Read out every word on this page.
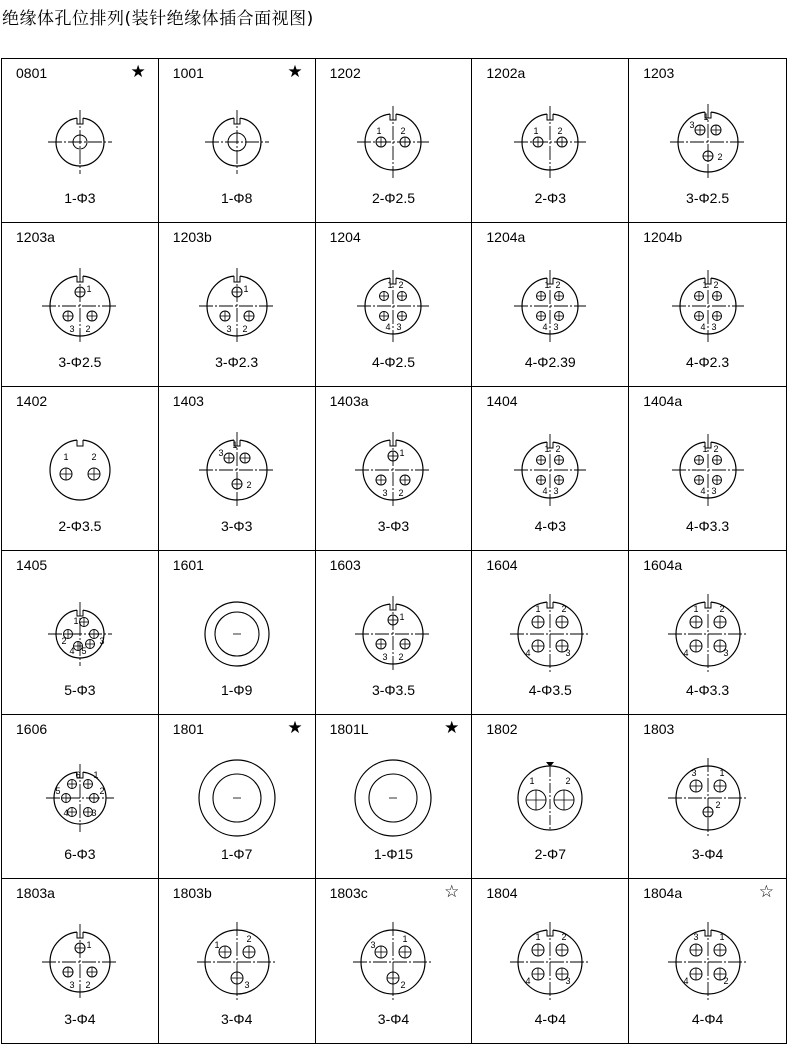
绝缘体孔位排列(装针绝缘体插合面视图)
0801	★
1-Φ3
1001	★
1-Φ8
1202
1 2
2-Φ2.5
1202a
1 2
2-Φ3
1203
3
1
2
3-Φ2.5
1203a
1
3 2
3-Φ2.5
1203b
1
3 2
3-Φ2.3
1204
1 2
4 3
4-Φ2.5
1204a
1 2
4 3
4-Φ2.39
1204b
1 2
4 3
4-Φ2.3
1402
1	2
2-Φ3.5
1403
3
1
2
3-Φ3
1403a
1
3 2
3-Φ3
1404
1 2
4 3
4-Φ3
1404a
1 2
4 3
4-Φ3.3
1405
1
2	3
4 5
5-Φ3
1601
1-Φ9
1603
1
3 2
3-Φ3.5
1604
1 2
4	3
4-Φ3.5
1604a
1 2
4	3
4-Φ3.3
1606
6 1
5	2
4	3
6-Φ3
1801	★
1-Φ7
1801L	★
1-Φ15
1802
1	2
2-Φ7
1803
3	1
2
3-Φ4
1803a
1
3 2
3-Φ4
1803b
1
2
3
3-Φ4
1803c	☆
3
1
2
3-Φ4
1804
1 2
4	3
4-Φ4
1804a	☆
3 1
4	2
4-Φ4
